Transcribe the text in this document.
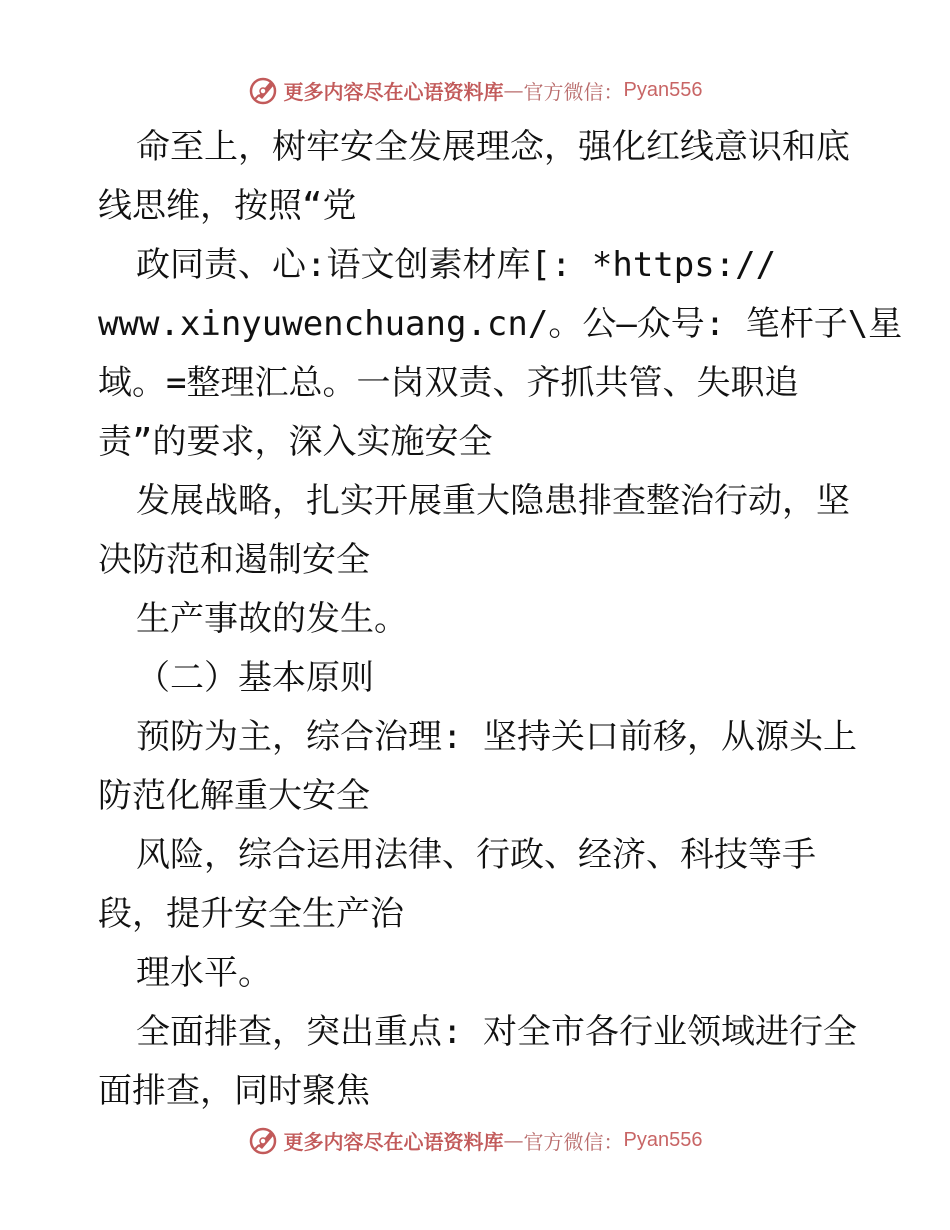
更多内容尽在心语资料库 — 官方微信： Pyan556
命至上，树牢安全发展理念，强化红线意识和底
线思维，按照“党
政同责、心:语文创素材库[: *https://
www.xinyuwenchuang.cn/。公—众号: 笔杆子\星
域。=整理汇总。一岗双责、齐抓共管、失职追
责”的要求，深入实施安全
发展战略，扎实开展重大隐患排查整治行动，坚
决防范和遏制安全
生产事故的发生。
（二）基本原则
预防为主，综合治理: 坚持关口前移，从源头上
防范化解重大安全
风险，综合运用法律、行政、经济、科技等手
段，提升安全生产治
理水平。
全面排查，突出重点: 对全市各行业领域进行全
面排查，同时聚焦
更多内容尽在心语资料库 — 官方微信： Pyan556
